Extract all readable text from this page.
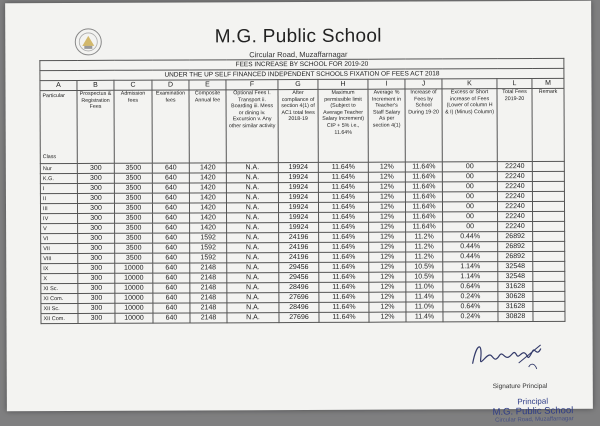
M.G. Public School
Circular Road, Muzaffarnagar
FEES INCREASE BY SCHOOL FOR 2019-20												
UNDER THE UP SELF FINANCED INDEPENDENT SCHOOLS FIXATION OF FEES ACT 2018												
A	B	C	D	E	F	G	H	I	J	K	L	M

Particular
Class	Prospectus & Registration Fees	Admission fees	Examination fees	Composite Annual fee	Optional Fees I. Transport ii. Boarding iii. Mess or dining iv. Excursion v. Any other similar activity	After compliance of section 4(1) of AC1 total fees 2018-19	Maximum permissible limit (Subject to Average Teacher Salary Increment) CIP + 5% i.e., 11.64%	Average % Increment in Teacher's Staff Salary As per section 4(1)	Increase of Fees by School During 19-20	Excess or Short increase of Fees (Lower of column H & I) (Minus) Column)	Total Fees 2019-20	Remark
Nur	300	3500	640	1420	N.A.	19924	11.64%	12%	11.64%	00	22240	
K.G.	300	3500	640	1420	N.A.	19924	11.64%	12%	11.64%	00	22240	
I	300	3500	640	1420	N.A.	19924	11.64%	12%	11.64%	00	22240	
II	300	3500	640	1420	N.A.	19924	11.64%	12%	11.64%	00	22240	
III	300	3500	640	1420	N.A.	19924	11.64%	12%	11.64%	00	22240	
IV	300	3500	640	1420	N.A.	19924	11.64%	12%	11.64%	00	22240	
V	300	3500	640	1420	N.A.	19924	11.64%	12%	11.64%	00	22240	
VI	300	3500	640	1592	N.A.	24196	11.64%	12%	11.2%	0.44%	26892	
VII	300	3500	640	1592	N.A.	24196	11.64%	12%	11.2%	0.44%	26892	
VIII	300	3500	640	1592	N.A.	24196	11.64%	12%	11.2%	0.44%	26892	
IX	300	10000	640	2148	N.A.	29456	11.64%	12%	10.5%	1.14%	32548	
X	300	10000	640	2148	N.A.	29456	11.64%	12%	10.5%	1.14%	32548	
XI Sc.	300	10000	640	2148	N.A.	28496	11.64%	12%	11.0%	0.64%	31628	
XI Com.	300	10000	640	2148	N.A.	27696	11.64%	12%	11.4%	0.24%	30628	
XII Sc.	300	10000	640	2148	N.A.	28496	11.64%	12%	11.0%	0.64%	31628	
XII Com.	300	10000	640	2148	N.A.	27696	11.64%	12%	11.4%	0.24%	30828	
Signature Principal
Principal
M.G. Public School
Circular Road, Muzaffarnagar
